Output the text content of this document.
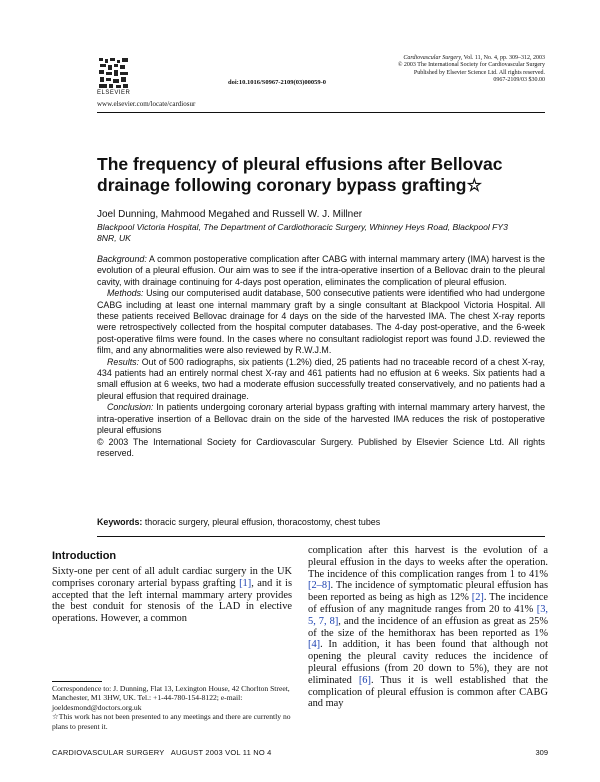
ELSEVIER
www.elsevier.com/locate/cardiosur
doi:10.1016/S0967-2109(03)00059-0
Cardiovascular Surgery, Vol. 11, No. 4, pp. 309–312, 2003
© 2003 The International Society for Cardiovascular Surgery
Published by Elsevier Science Ltd. All rights reserved.
0967-2109/03 $30.00
The frequency of pleural effusions after Bellovac drainage following coronary bypass grafting☆
Joel Dunning, Mahmood Megahed and Russell W. J. Millner
Blackpool Victoria Hospital, The Department of Cardiothoracic Surgery, Whinney Heys Road, Blackpool FY3 8NR, UK

Background: A common postoperative complication after CABG with internal mammary artery (IMA) harvest is the evolution of a pleural effusion. Our aim was to see if the intra-operative insertion of a Bellovac drain to the pleural cavity, with drainage continuing for 4-days post operation, eliminates the complication of pleural effusion.

Methods: Using our computerised audit database, 500 consecutive patients were identified who had undergone CABG including at least one internal mammary graft by a single consultant at Blackpool Victoria Hospital. All these patients received Bellovac drainage for 4 days on the side of the harvested IMA. The chest X-ray reports were retrospectively collected from the hospital computer databases. The 4-day post-operative, and the 6-week post-operative films were found. In the cases where no consultant radiologist report was found J.D. reviewed the film, and any abnormalities were also reviewed by R.W.J.M.

Results: Out of 500 radiographs, six patients (1.2%) died, 25 patients had no traceable record of a chest X-ray, 434 patients had an entirely normal chest X-ray and 461 patients had no effusion at 6 weeks. Six patients had a small effusion at 6 weeks, two had a moderate effusion successfully treated conservatively, and no patients had a pleural effusion that required drainage.

Conclusion: In patients undergoing coronary arterial bypass grafting with internal mammary artery harvest, the intra-operative insertion of a Bellovac drain on the side of the harvested IMA reduces the risk of postoperative pleural effusions

© 2003 The International Society for Cardiovascular Surgery. Published by Elsevier Science Ltd. All rights reserved.

Keywords: thoracic surgery, pleural effusion, thoracostomy, chest tubes
Introduction

Sixty-one per cent of all adult cardiac surgery in the UK comprises coronary arterial bypass grafting [1], and it is accepted that the left internal mammary artery provides the best conduit for stenosis of the LAD in elective operations. However, a common

complication after this harvest is the evolution of a pleural effusion in the days to weeks after the operation. The incidence of this complication ranges from 1 to 41% [2–8]. The incidence of symptomatic pleural effusion has been reported as being as high as 12% [2]. The incidence of effusion of any magnitude ranges from 20 to 41% [3, 5, 7, 8], and the incidence of an effusion as great as 25% of the size of the hemithorax has been reported as 1% [4]. In addition, it has been found that although not opening the pleural cavity reduces the incidence of pleural effusions (from 20 down to 5%), they are not eliminated [6]. Thus it is well established that the complication of pleural effusion is common after CABG and may

Correspondence to: J. Dunning, Flat 13, Lexington House, 42 Chorlton Street, Manchester, M1 3HW, UK. Tel.: +1-44-780-154-8122; e-mail: joeldesmond@doctors.org.uk

☆This work has not been presented to any meetings and there are currently no plans to present it.

CARDIOVASCULAR SURGERY   AUGUST 2003 VOL 11 NO 4	309
